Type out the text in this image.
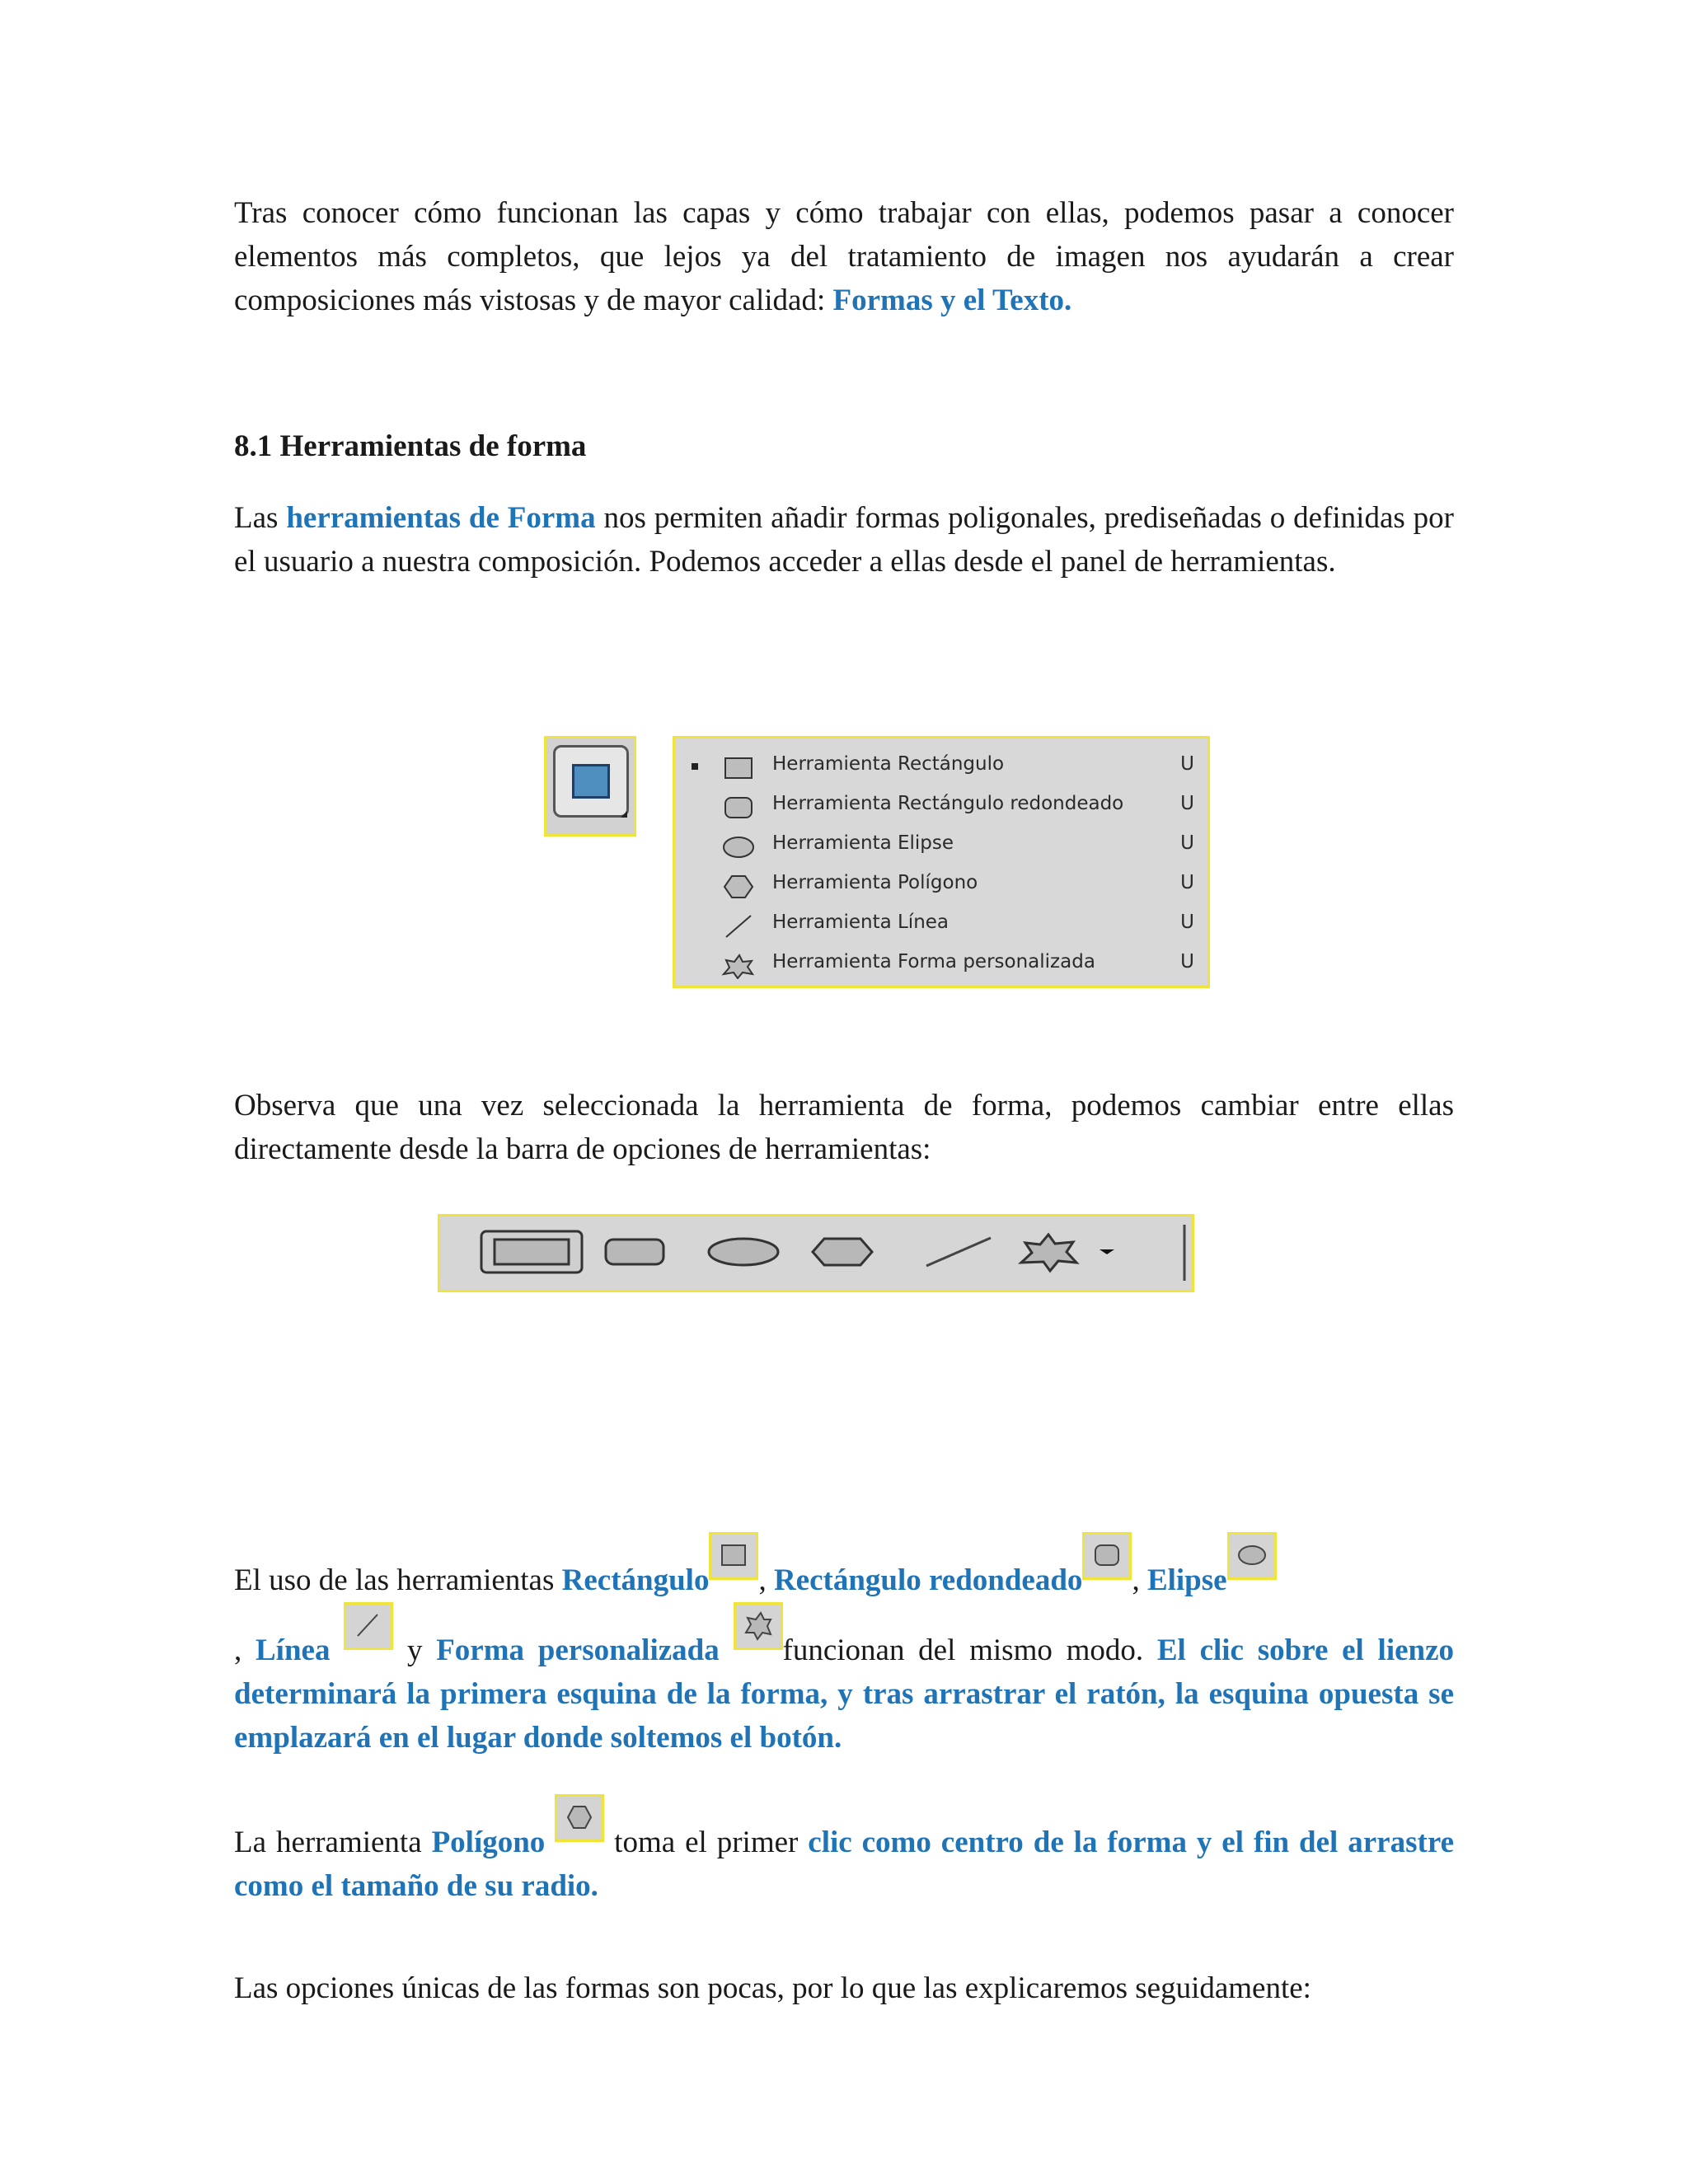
Tras conocer cómo funcionan las capas y cómo trabajar con ellas, podemos pasar a conocer elementos más completos, que lejos ya del tratamiento de imagen nos ayudarán a crear composiciones más vistosas y de mayor calidad: Formas y el Texto.

8.1 Herramientas de forma

Las herramientas de Forma nos permiten añadir formas poligonales, prediseñadas o definidas por el usuario a nuestra composición. Podemos acceder a ellas desde el panel de herramientas.

Observa que una vez seleccionada la herramienta de forma, podemos cambiar entre ellas directamente desde la barra de opciones de herramientas:

El uso de las herramientas Rectángulo , Rectángulo redondeado , Elipse

, Línea
y Forma personalizada funcionan del mismo modo. El clic sobre el lienzo determinará la primera esquina de la forma, y tras arrastrar el ratón, la esquina opuesta se emplazará en el lugar donde soltemos el botón.

La herramienta Polígono
toma el primer clic como centro de la forma y el fin del arrastre como el tamaño de su radio.

Las opciones únicas de las formas son pocas, por lo que las explicaremos seguidamente:

Herramienta Rectángulo	U
Herramienta Rectángulo redondeado	U
Herramienta Elipse	U
Herramienta Polígono	U
Herramienta Línea	U
Herramienta Forma personalizada	U
